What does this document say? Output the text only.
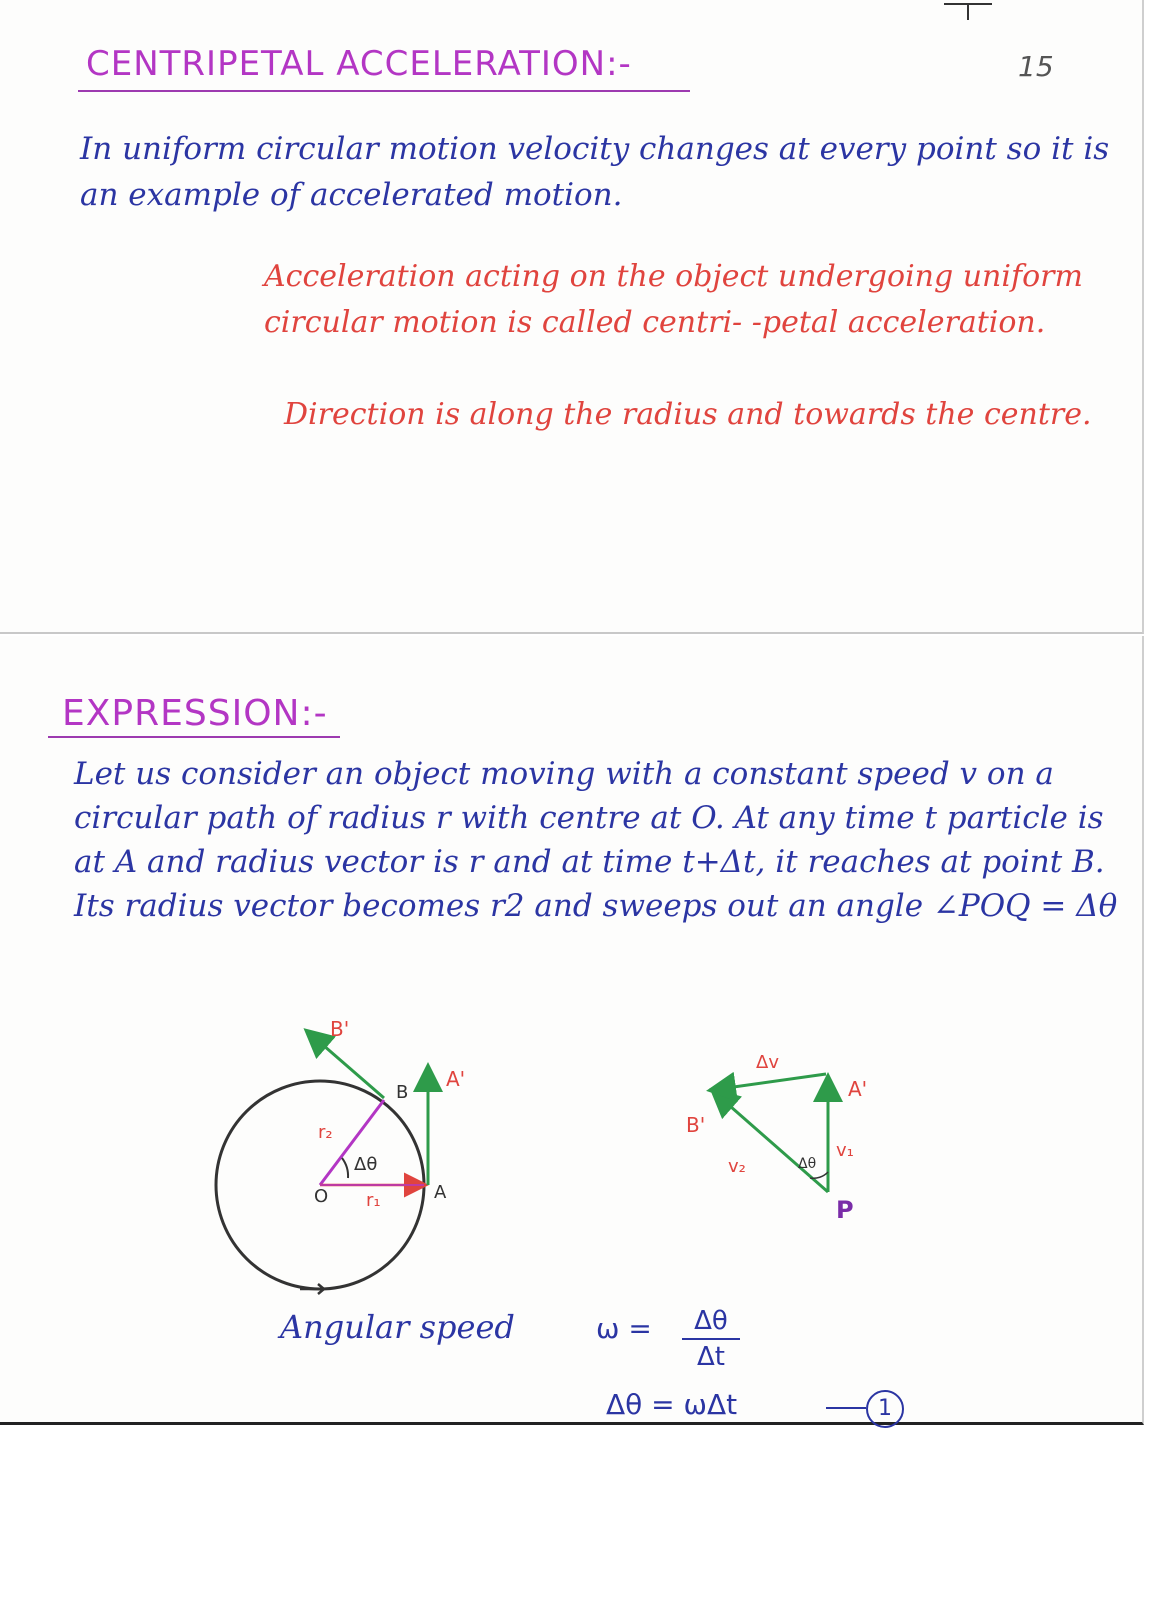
CENTRIPETAL ACCELERATION:-	15

In uniform circular motion velocity changes at every point so it is an example of accelerated motion.

Acceleration acting on the object undergoing uniform circular motion is called centri- -petal acceleration.

Direction is along the radius and towards the centre.

EXPRESSION:-

Let us consider an object moving with a constant speed v on a circular path of radius r with centre at O. At any time t particle is at A and radius vector is r and at time t+Δt, it reaches at point B. Its radius vector becomes r2 and sweeps out an angle ∠POQ = Δθ

B'
B
A'
A
O
r₂
r₁
Δθ
Δv
A'
B'
v₁
v₂	Δθ
P

Angular speed	$\omega = \frac{\Delta\theta}{\Delta t}$

Δθ = ωΔt	1
